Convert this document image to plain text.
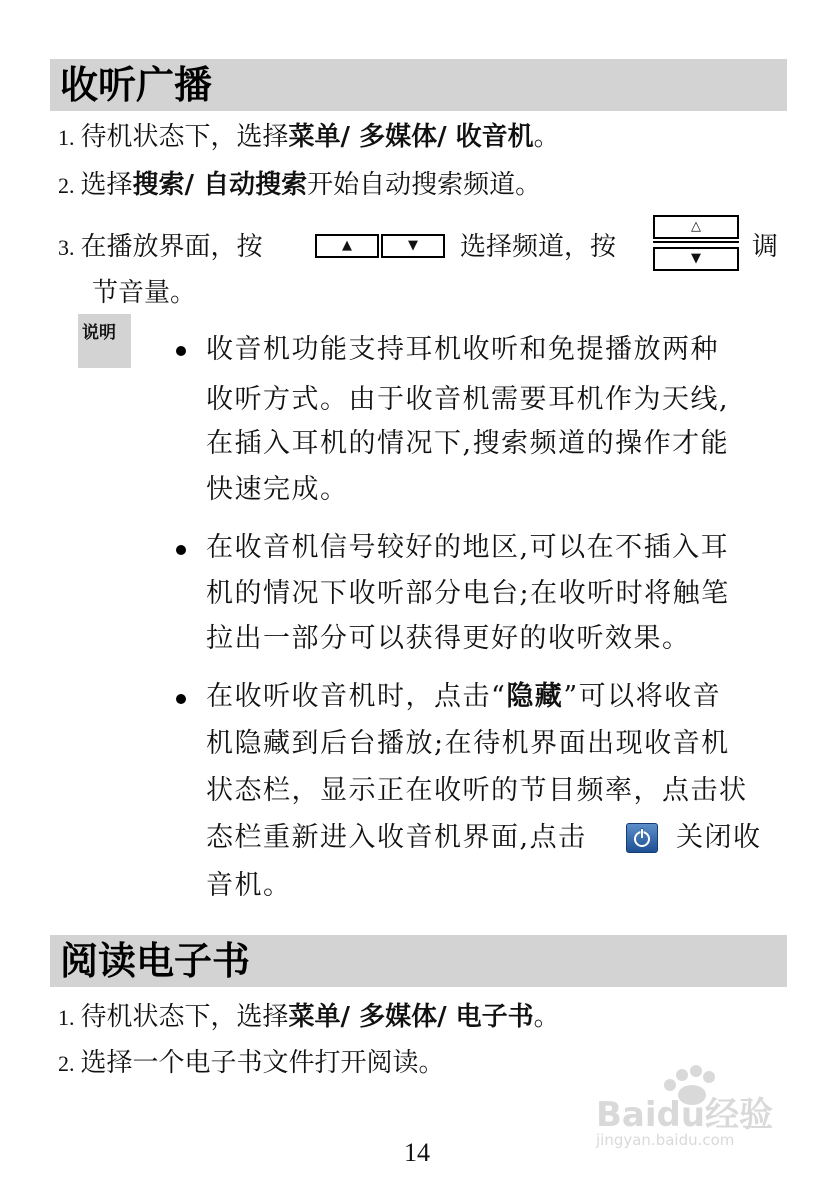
收听广播
1. 待机状态下，选择菜单/ 多媒体/ 收音机。
2. 选择搜索/ 自动搜索开始自动搜索频道。
3. 在播放界面，按	▲	▼	选择频道，按
△
▼	调
节音量。
说明
收音机功能支持耳机收听和免提播放两种
收听方式。由于收音机需要耳机作为天线,
在插入耳机的情况下,搜索频道的操作才能
快速完成。
在收音机信号较好的地区,可以在不插入耳
机的情况下收听部分电台;在收听时将触笔
拉出一部分可以获得更好的收听效果。
在收听收音机时，点击“隐藏”可以将收音
机隐藏到后台播放;在待机界面出现收音机
状态栏，显示正在收听的节目频率，点击状
态栏重新进入收音机界面,点击	关闭收
音机。
阅读电子书
1. 待机状态下，选择菜单/ 多媒体/ 电子书。
2. 选择一个电子书文件打开阅读。
Baidu经验
jingyan.baidu.com
14
